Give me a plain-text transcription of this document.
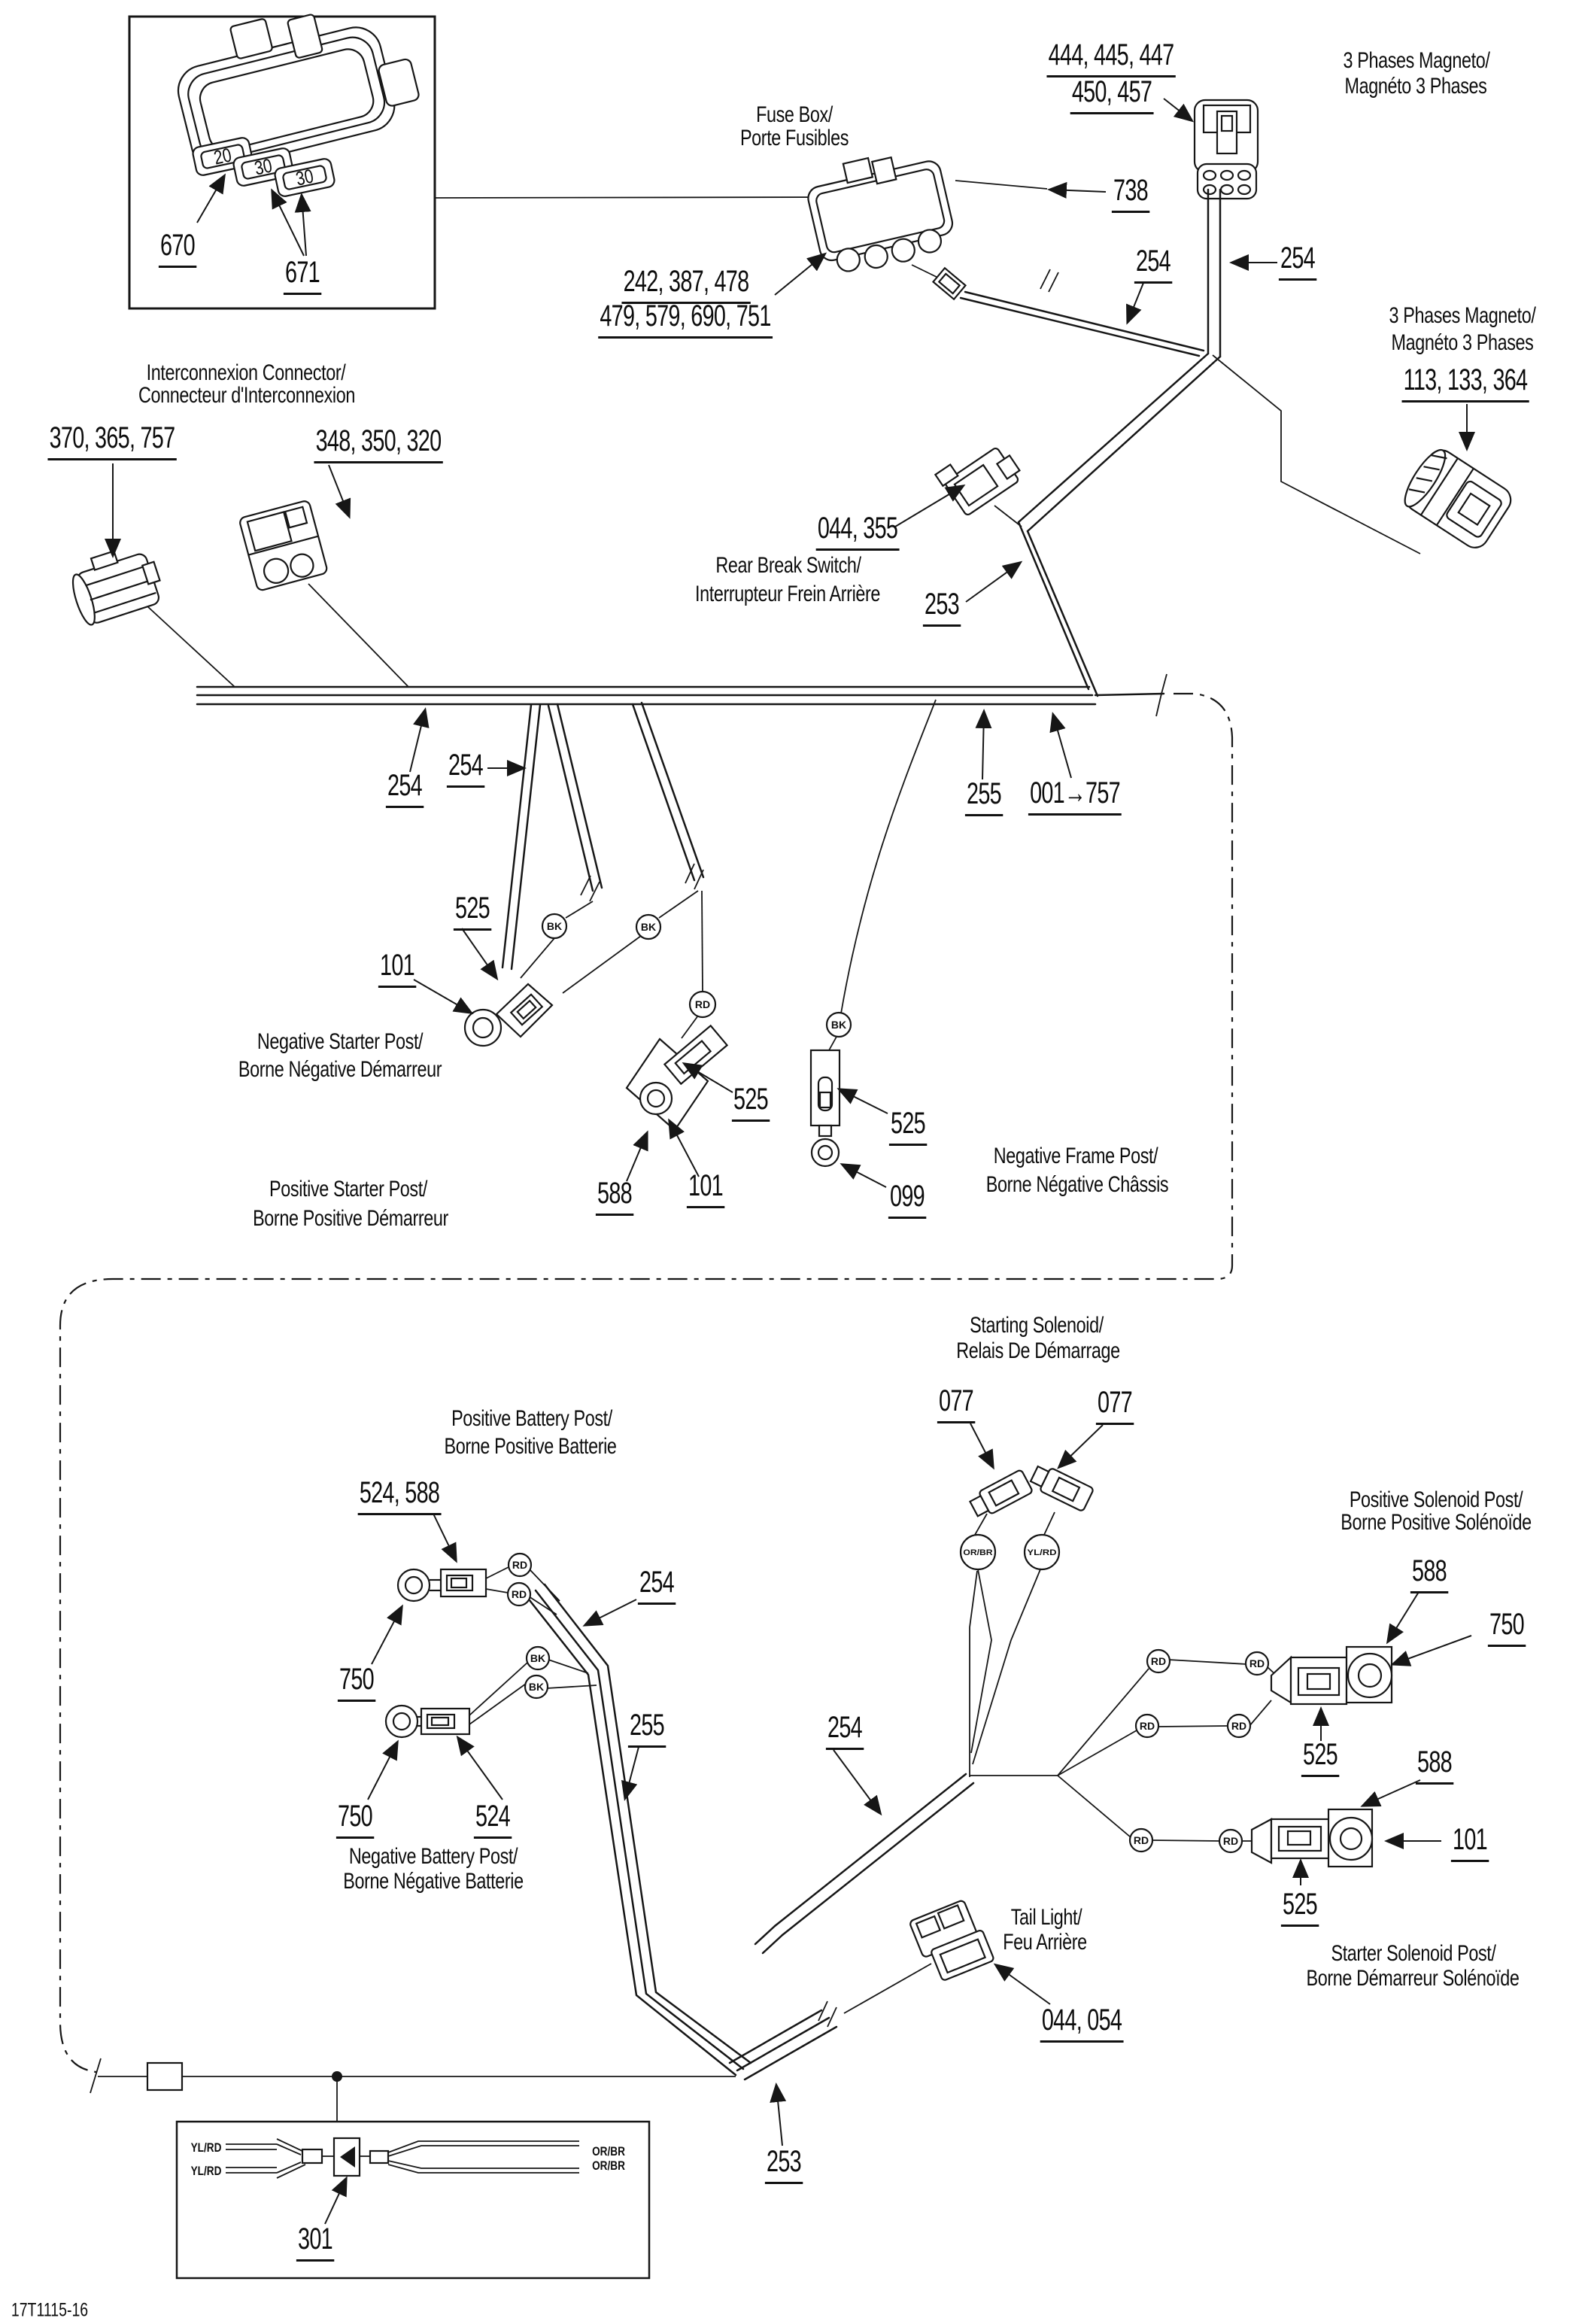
BK	BK
RD
BK
RD
RD
BK
BK
OR/BR	YL/RD
RD	RD
RD	RD
RD	RD
670
671
20 30 30
Fuse Box/
Porte Fusibles
242, 387, 478
479, 579, 690, 751
738
444, 445, 447
450, 457
3 Phases Magneto/
Magnéto 3 Phases
254	254
3 Phases Magneto/
Magnéto 3 Phases
113, 133, 364
Interconnexion Connector/
Connecteur d'Interconnexion
370, 365, 757	348, 350, 320
044, 355
Rear Break Switch/
Interrupteur Frein Arrière	253
254
254
255 001→757
525
101
Negative Starter Post/
Borne Négative Démarreur
525
588 101
Positive Starter Post/
Borne Positive Démarreur
525
099
Negative Frame Post/
Borne Négative Châssis
Starting Solenoid/
Relais De Démarrage
077	077
Positive Battery Post/
Borne Positive Batterie
524, 588
254
750
255
750	524
Negative Battery Post/
Borne Négative Batterie
Positive Solenoid Post/
Borne Positive Solénoïde
588
750
525	588
101
525
254
Tail Light/
Feu Arrière
044, 054
253
301
Starter Solenoid Post/
Borne Démarreur Solénoïde
YL/RD
YL/RD
OR/BR
OR/BR
17T1115-16
